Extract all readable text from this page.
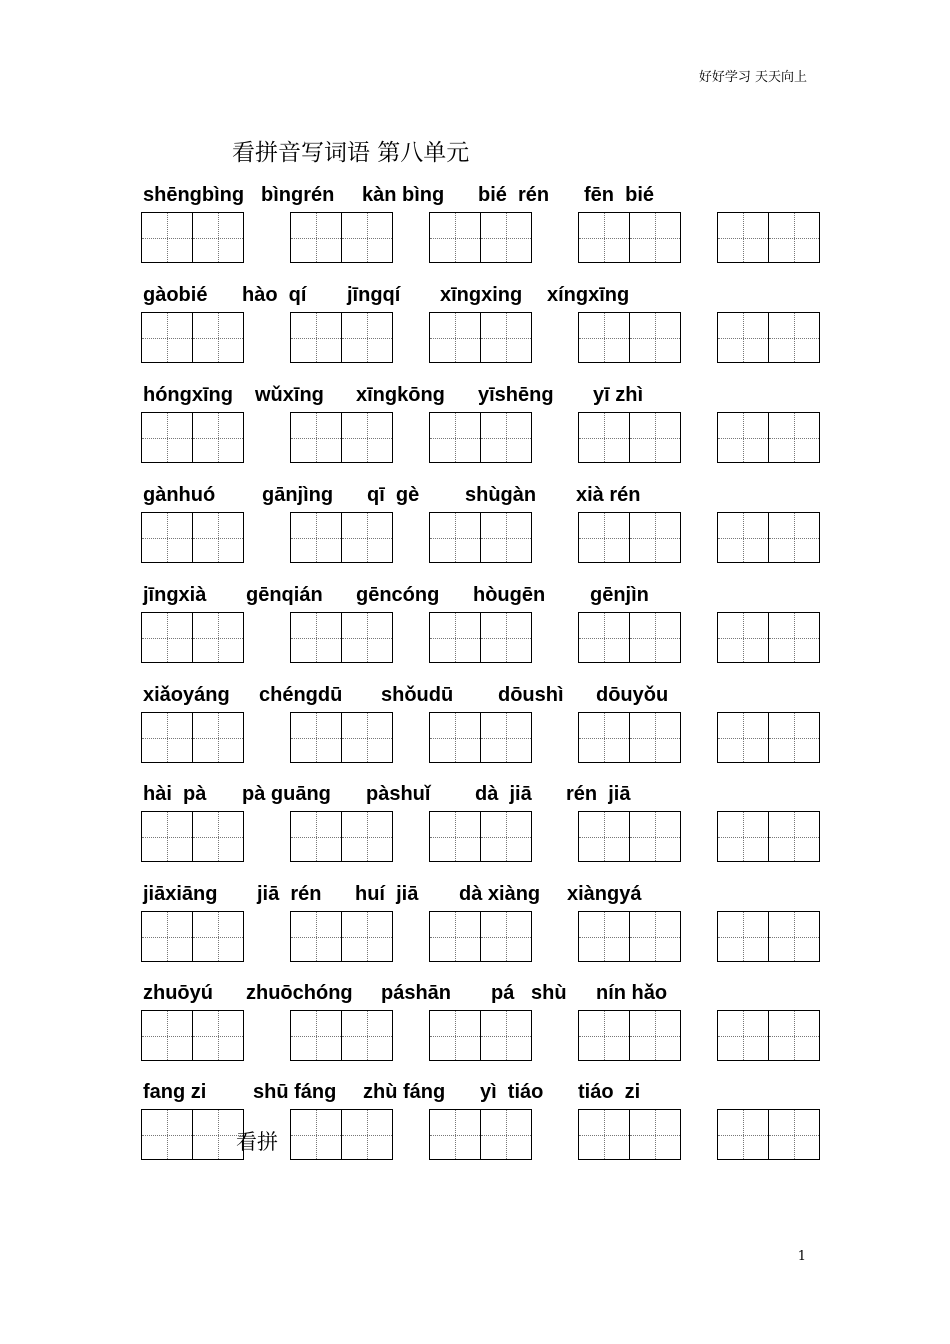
好好学习 天天向上
看拼音写词语 第八单元
shēngbìng bìngrén kàn bìng bié  rén fēn  bié
gàobié hào  qí jīngqí xīngxing xíngxīng
hóngxīng wǔxīng xīngkōng yīshēng yī zhì
gànhuó gānjìng qī  gè shùgàn xià rén
jīngxià gēnqián gēncóng hòugēn gēnjìn
xiǎoyáng chéngdū shǒudū dōushì dōuyǒu
hài  pà pà guāng pàshuǐ dà  jiā rén  jiā
jiāxiāng jiā  rén huí  jiā dà xiàng xiàngyá
zhuōyú zhuōchóng páshān pá   shù nín hǎo
fang zi shū fáng zhù fáng yì  tiáo tiáo  zi
看拼
1
